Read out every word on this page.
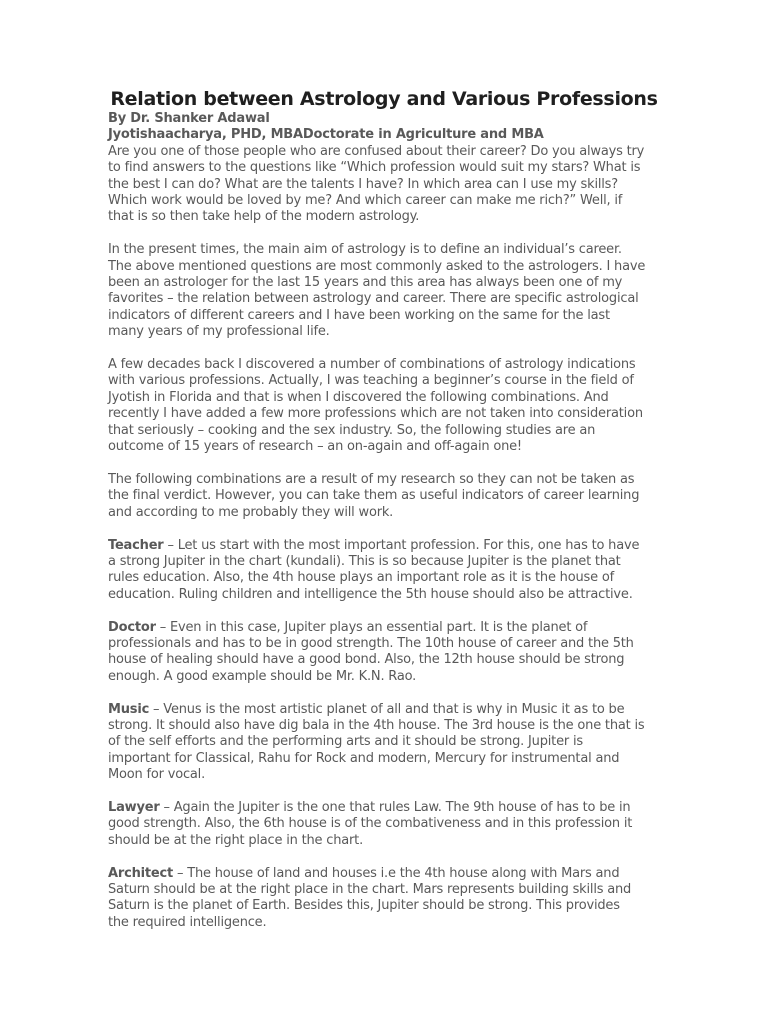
Relation between Astrology and Various Professions
By Dr. Shanker Adawal
Jyotishaacharya, PHD, MBADoctorate in Agriculture and MBA
Are you one of those people who are confused about their career? Do you always try
to find answers to the questions like “Which profession would suit my stars? What is
the best I can do? What are the talents I have? In which area can I use my skills?
Which work would be loved by me? And which career can make me rich?” Well, if
that is so then take help of the modern astrology.
In the present times, the main aim of astrology is to define an individual’s career.
The above mentioned questions are most commonly asked to the astrologers. I have
been an astrologer for the last 15 years and this area has always been one of my
favorites – the relation between astrology and career. There are specific astrological
indicators of different careers and I have been working on the same for the last
many years of my professional life.
A few decades back I discovered a number of combinations of astrology indications
with various professions. Actually, I was teaching a beginner’s course in the field of
Jyotish in Florida and that is when I discovered the following combinations. And
recently I have added a few more professions which are not taken into consideration
that seriously – cooking and the sex industry. So, the following studies are an
outcome of 15 years of research – an on-again and off-again one!
The following combinations are a result of my research so they can not be taken as
the final verdict. However, you can take them as useful indicators of career learning
and according to me probably they will work.
Teacher – Let us start with the most important profession. For this, one has to have
a strong Jupiter in the chart (kundali). This is so because Jupiter is the planet that
rules education. Also, the 4th house plays an important role as it is the house of
education. Ruling children and intelligence the 5th house should also be attractive.
Doctor – Even in this case, Jupiter plays an essential part. It is the planet of
professionals and has to be in good strength. The 10th house of career and the 5th
house of healing should have a good bond. Also, the 12th house should be strong
enough. A good example should be Mr. K.N. Rao.
Music – Venus is the most artistic planet of all and that is why in Music it as to be
strong. It should also have dig bala in the 4th house. The 3rd house is the one that is
of the self efforts and the performing arts and it should be strong. Jupiter is
important for Classical, Rahu for Rock and modern, Mercury for instrumental and
Moon for vocal.
Lawyer – Again the Jupiter is the one that rules Law. The 9th house of has to be in
good strength. Also, the 6th house is of the combativeness and in this profession it
should be at the right place in the chart.
Architect – The house of land and houses i.e the 4th house along with Mars and
Saturn should be at the right place in the chart. Mars represents building skills and
Saturn is the planet of Earth. Besides this, Jupiter should be strong. This provides
the required intelligence.
